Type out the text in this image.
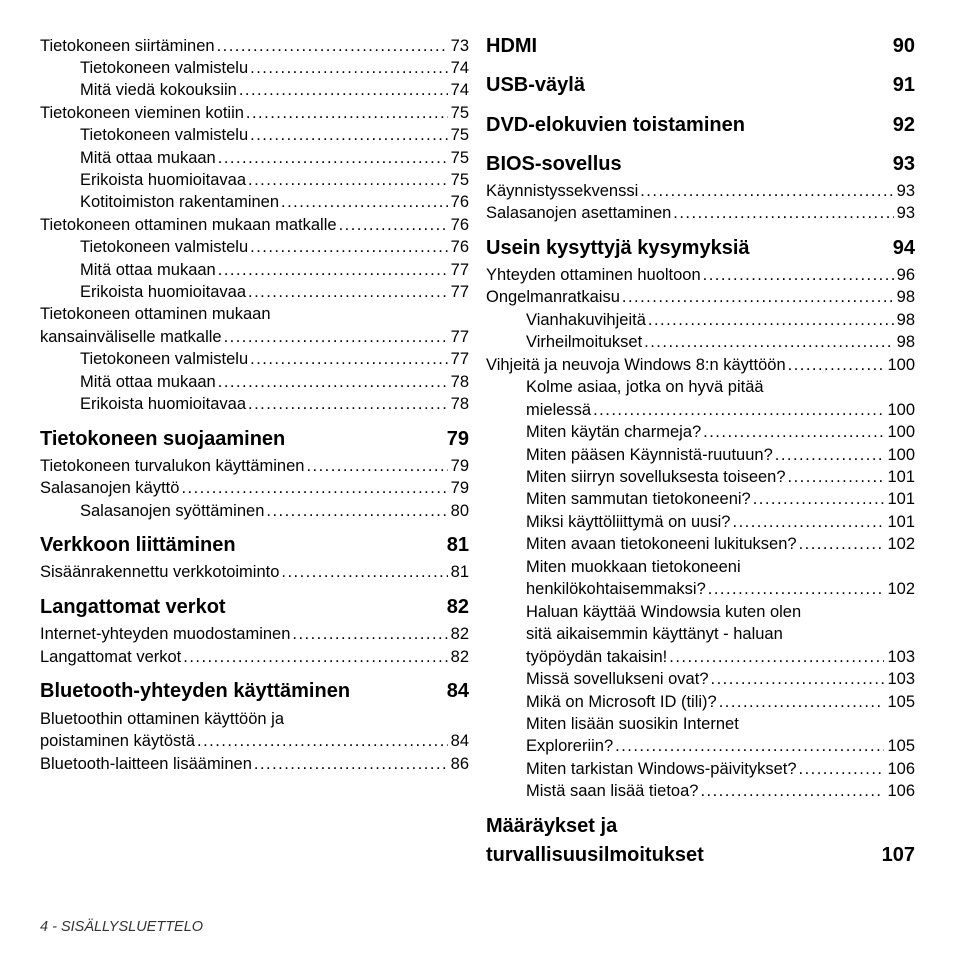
Tietokoneen siirtäminen . . .	73
Tietokoneen valmistelu . . .	74
Mitä viedä kokouksiin . . .	74
Tietokoneen vieminen kotiin . . .	75
Tietokoneen valmistelu . . .	75
Mitä ottaa mukaan . . .	75
Erikoista huomioitavaa . . .	75
Kotitoimiston rakentaminen . . .	76
Tietokoneen ottaminen mukaan matkalle . . .	76
Tietokoneen valmistelu . . .	76
Mitä ottaa mukaan . . .	77
Erikoista huomioitavaa . . .	77
Tietokoneen ottaminen mukaan
kansainväliselle matkalle . . .	77
Tietokoneen valmistelu . . .	77
Mitä ottaa mukaan . . .	78
Erikoista huomioitavaa . . .	78
Tietokoneen suojaaminen	79
Tietokoneen turvalukon käyttäminen . . .	79
Salasanojen käyttö . . .	79
Salasanojen syöttäminen . . .	80
Verkkoon liittäminen	81
Sisäänrakennettu verkkotoiminto . . .	81
Langattomat verkot	82
Internet-yhteyden muodostaminen . . .	82
Langattomat verkot . . .	82
Bluetooth-yhteyden käyttäminen	84
Bluetoothin ottaminen käyttöön ja
poistaminen käytöstä . . .	84
Bluetooth-laitteen lisääminen . . .	86
HDMI	90
USB-väylä	91
DVD-elokuvien toistaminen	92
BIOS-sovellus	93
Käynnistyssekvenssi . . .	93
Salasanojen asettaminen . . .	93
Usein kysyttyjä kysymyksiä	94
Yhteyden ottaminen huoltoon . . .	96
Ongelmanratkaisu . . .	98
Vianhakuvihjeitä . . .	98
Virheilmoitukset . . .	98
Vihjeitä ja neuvoja Windows 8:n käyttöön . . .	100
Kolme asiaa, jotka on hyvä pitää
mielessä . . .	100
Miten käytän charmeja? . . .	100
Miten pääsen Käynnistä-ruutuun? . . .	100
Miten siirryn sovelluksesta toiseen? . . .	101
Miten sammutan tietokoneeni? . . .	101
Miksi käyttöliittymä on uusi? . . .	101
Miten avaan tietokoneeni lukituksen? . . .	102
Miten muokkaan tietokoneeni
henkilökohtaisemmaksi? . . .	102
Haluan käyttää Windowsia kuten olen
sitä aikaisemmin käyttänyt - haluan
työpöydän takaisin! . . .	103
Missä sovellukseni ovat? . . .	103
Mikä on Microsoft ID (tili)? . . .	105
Miten lisään suosikin Internet
Exploreriin? . . .	105
Miten tarkistan Windows-päivitykset? . . .	106
Mistä saan lisää tietoa? . . .	106
Määräykset ja
turvallisuusilmoitukset	107
4 - SISÄLLYSLUETTELO
